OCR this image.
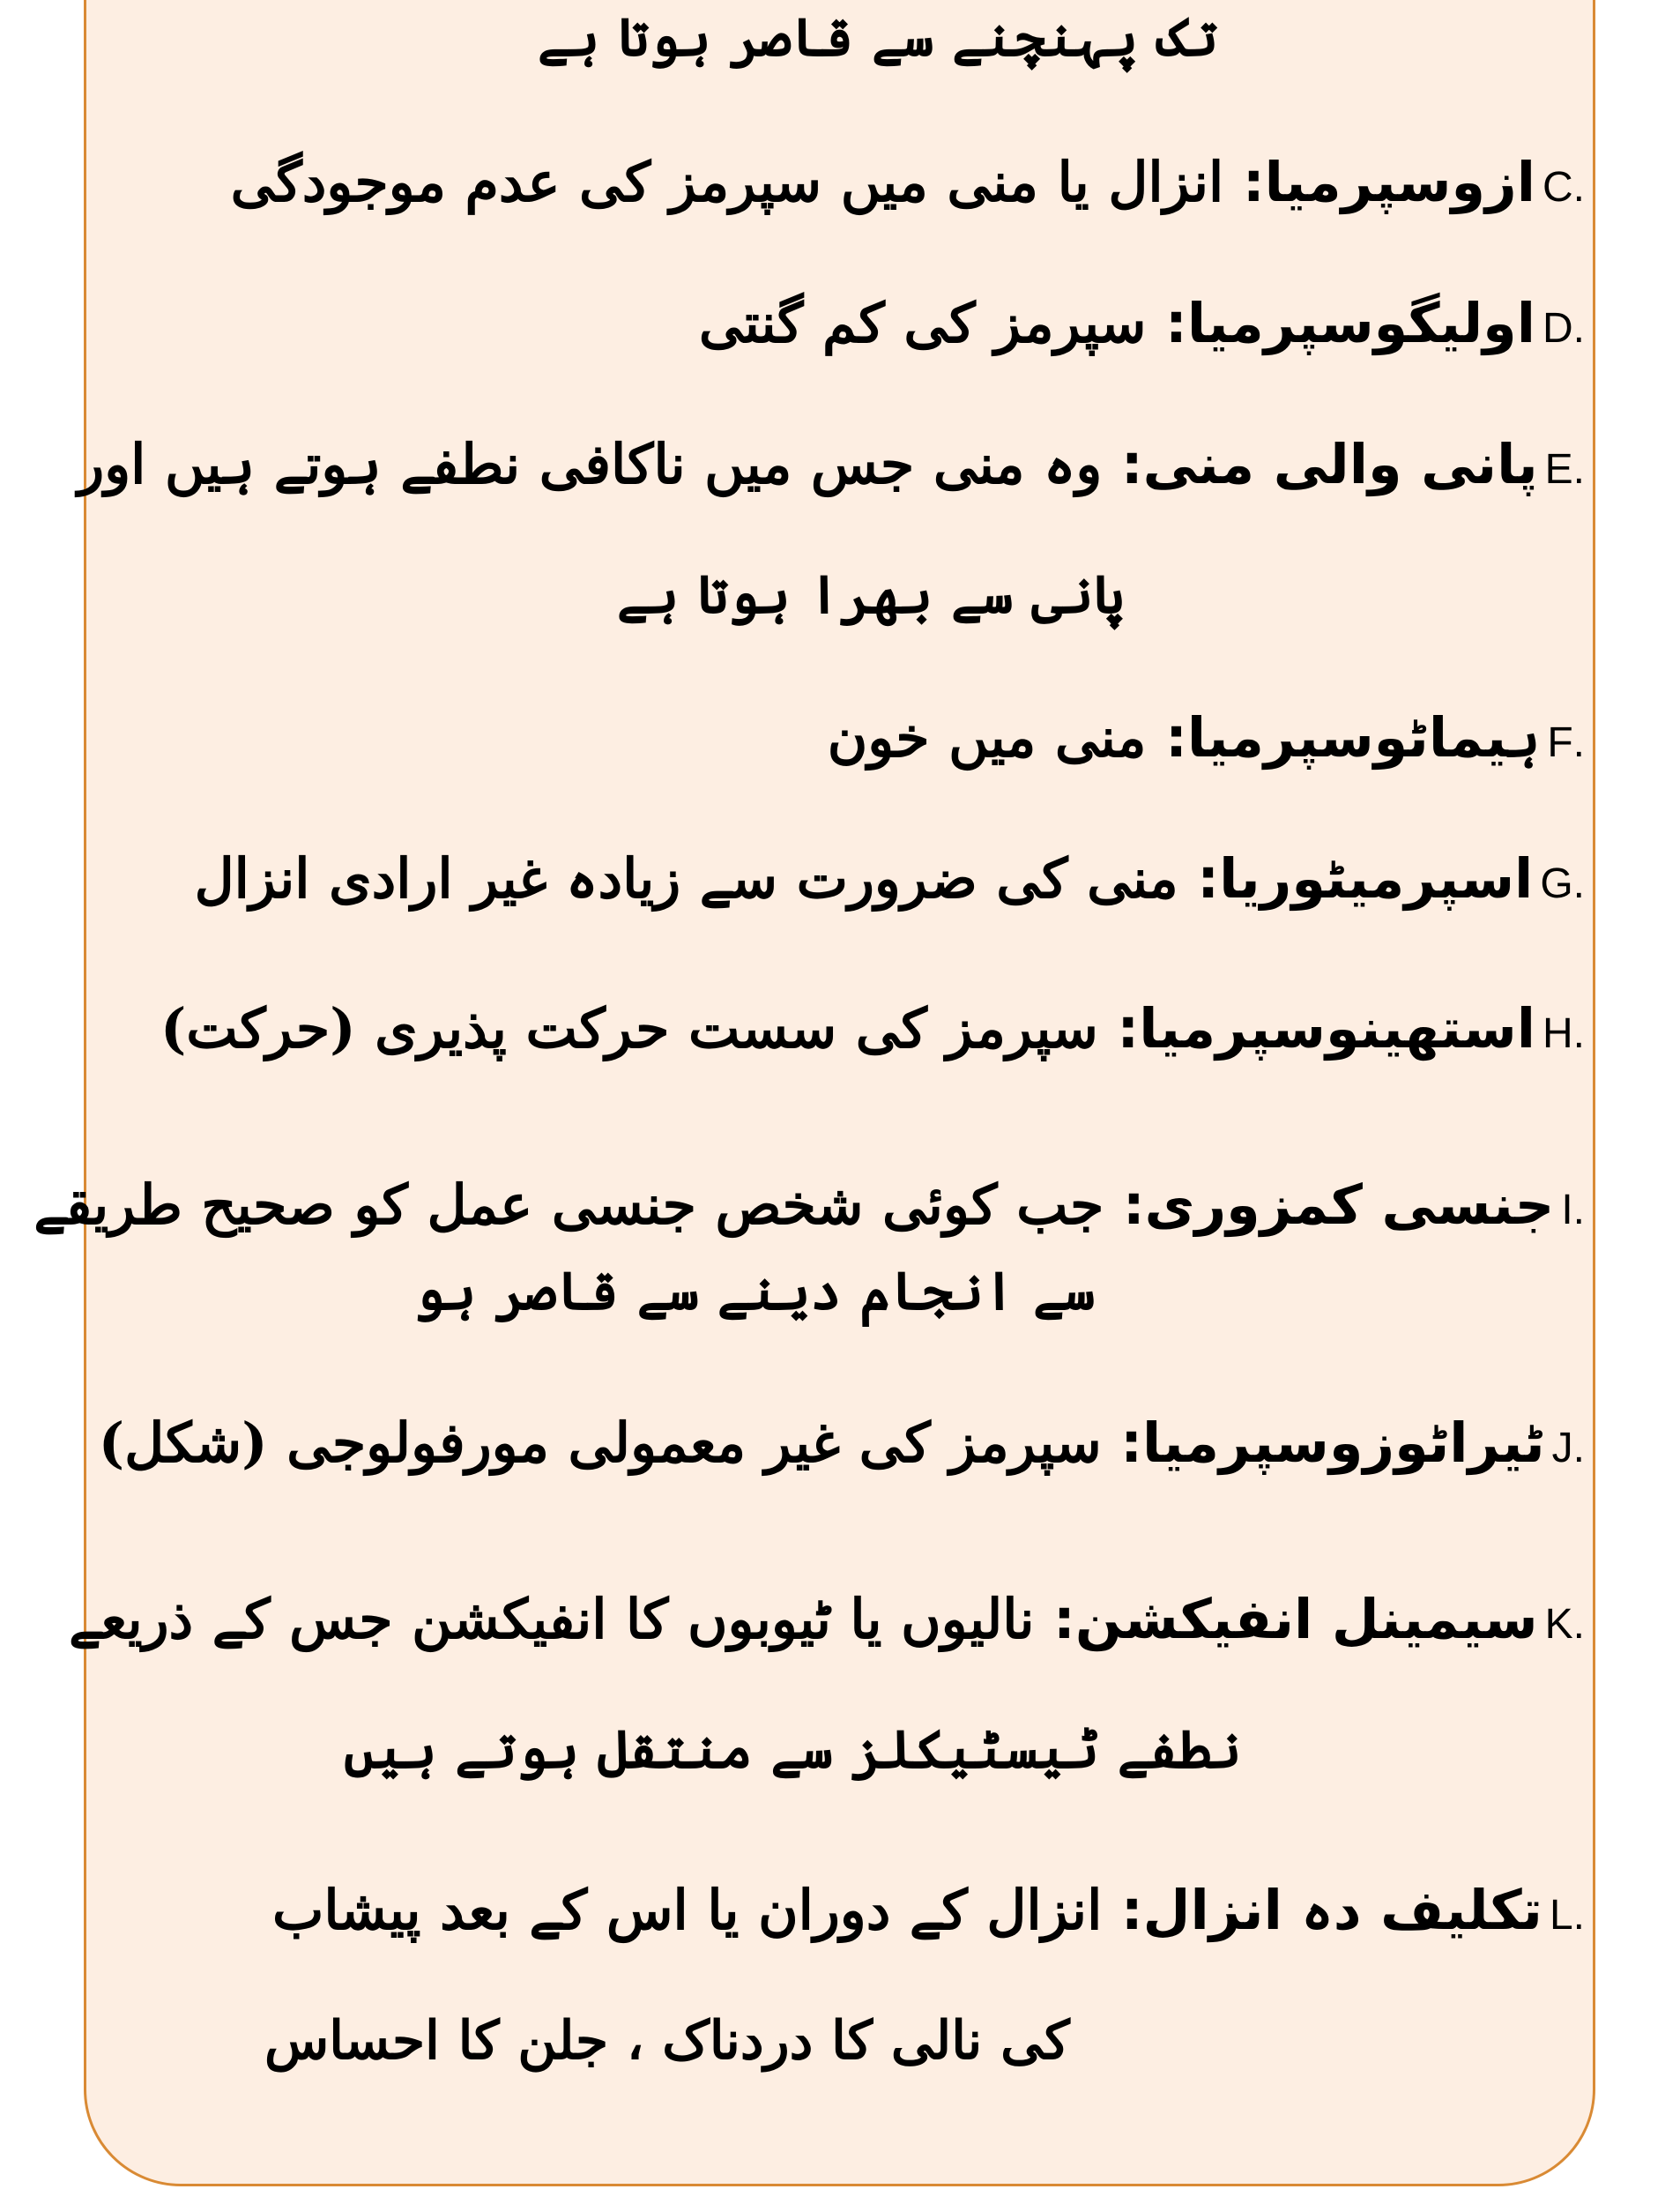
تک پہنچنے سے قاصر ہوتا ہے
.Cازوسپرمیا: انزال یا منی میں سپرمز کی عدم موجودگی
.Dاولیگوسپرمیا: سپرمز کی کم گنتی
.Eپانی والی منی: وہ منی جس میں ناکافی نطفے ہوتے ہیں اور
پانی سے بھرا ہوتا ہے
.Fہیماٹوسپرمیا: منی میں خون
.Gاسپرمیٹوریا: منی کی ضرورت سے زیادہ غیر ارادی انزال
.Hاستھینوسپرمیا: سپرمز کی سست حرکت پذیری (حرکت)
.Iجنسی کمزوری: جب کوئی شخص جنسی عمل کو صحیح طریقے
سے انجام دینے سے قاصر ہو
.Jٹیراٹوزوسپرمیا: سپرمز کی غیر معمولی مورفولوجی (شکل)
.Kسیمینل انفیکشن: نالیوں یا ٹیوبوں کا انفیکشن جس کے ذریعے
نطفے ٹیسٹیکلز سے منتقل ہوتے ہیں
.Lتکلیف دہ انزال: انزال کے دوران یا اس کے بعد پیشاب
کی نالی کا دردناک ، جلن کا احساس
